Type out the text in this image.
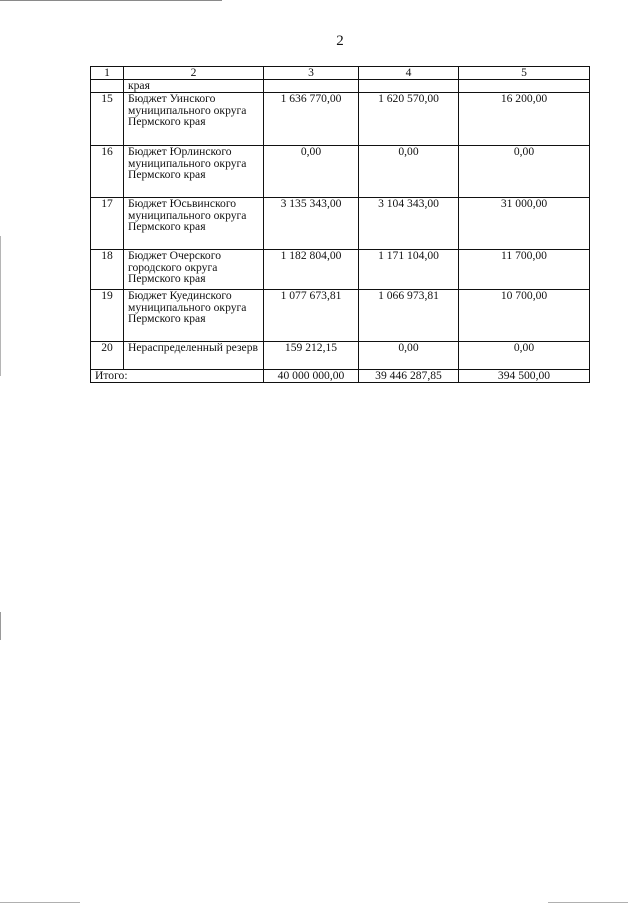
2
1	2	3	4	5
	края			
15	Бюджет Уинского муниципального округа Пермского края	1 636 770,00	1 620 570,00	16 200,00
16	Бюджет Юрлинского муниципального округа Пермского края	0,00	0,00	0,00
17	Бюджет Юсьвинского муниципального округа Пермского края	3 135 343,00	3 104 343,00	31 000,00
18	Бюджет Очерского городского округа Пермского края	1 182 804,00	1 171 104,00	11 700,00
19	Бюджет Куединского муниципального округа Пермского края	1 077 673,81	1 066 973,81	10 700,00
20	Нераспределенный резерв	159 212,15	0,00	0,00
Итого:		40 000 000,00	39 446 287,85	394 500,00
